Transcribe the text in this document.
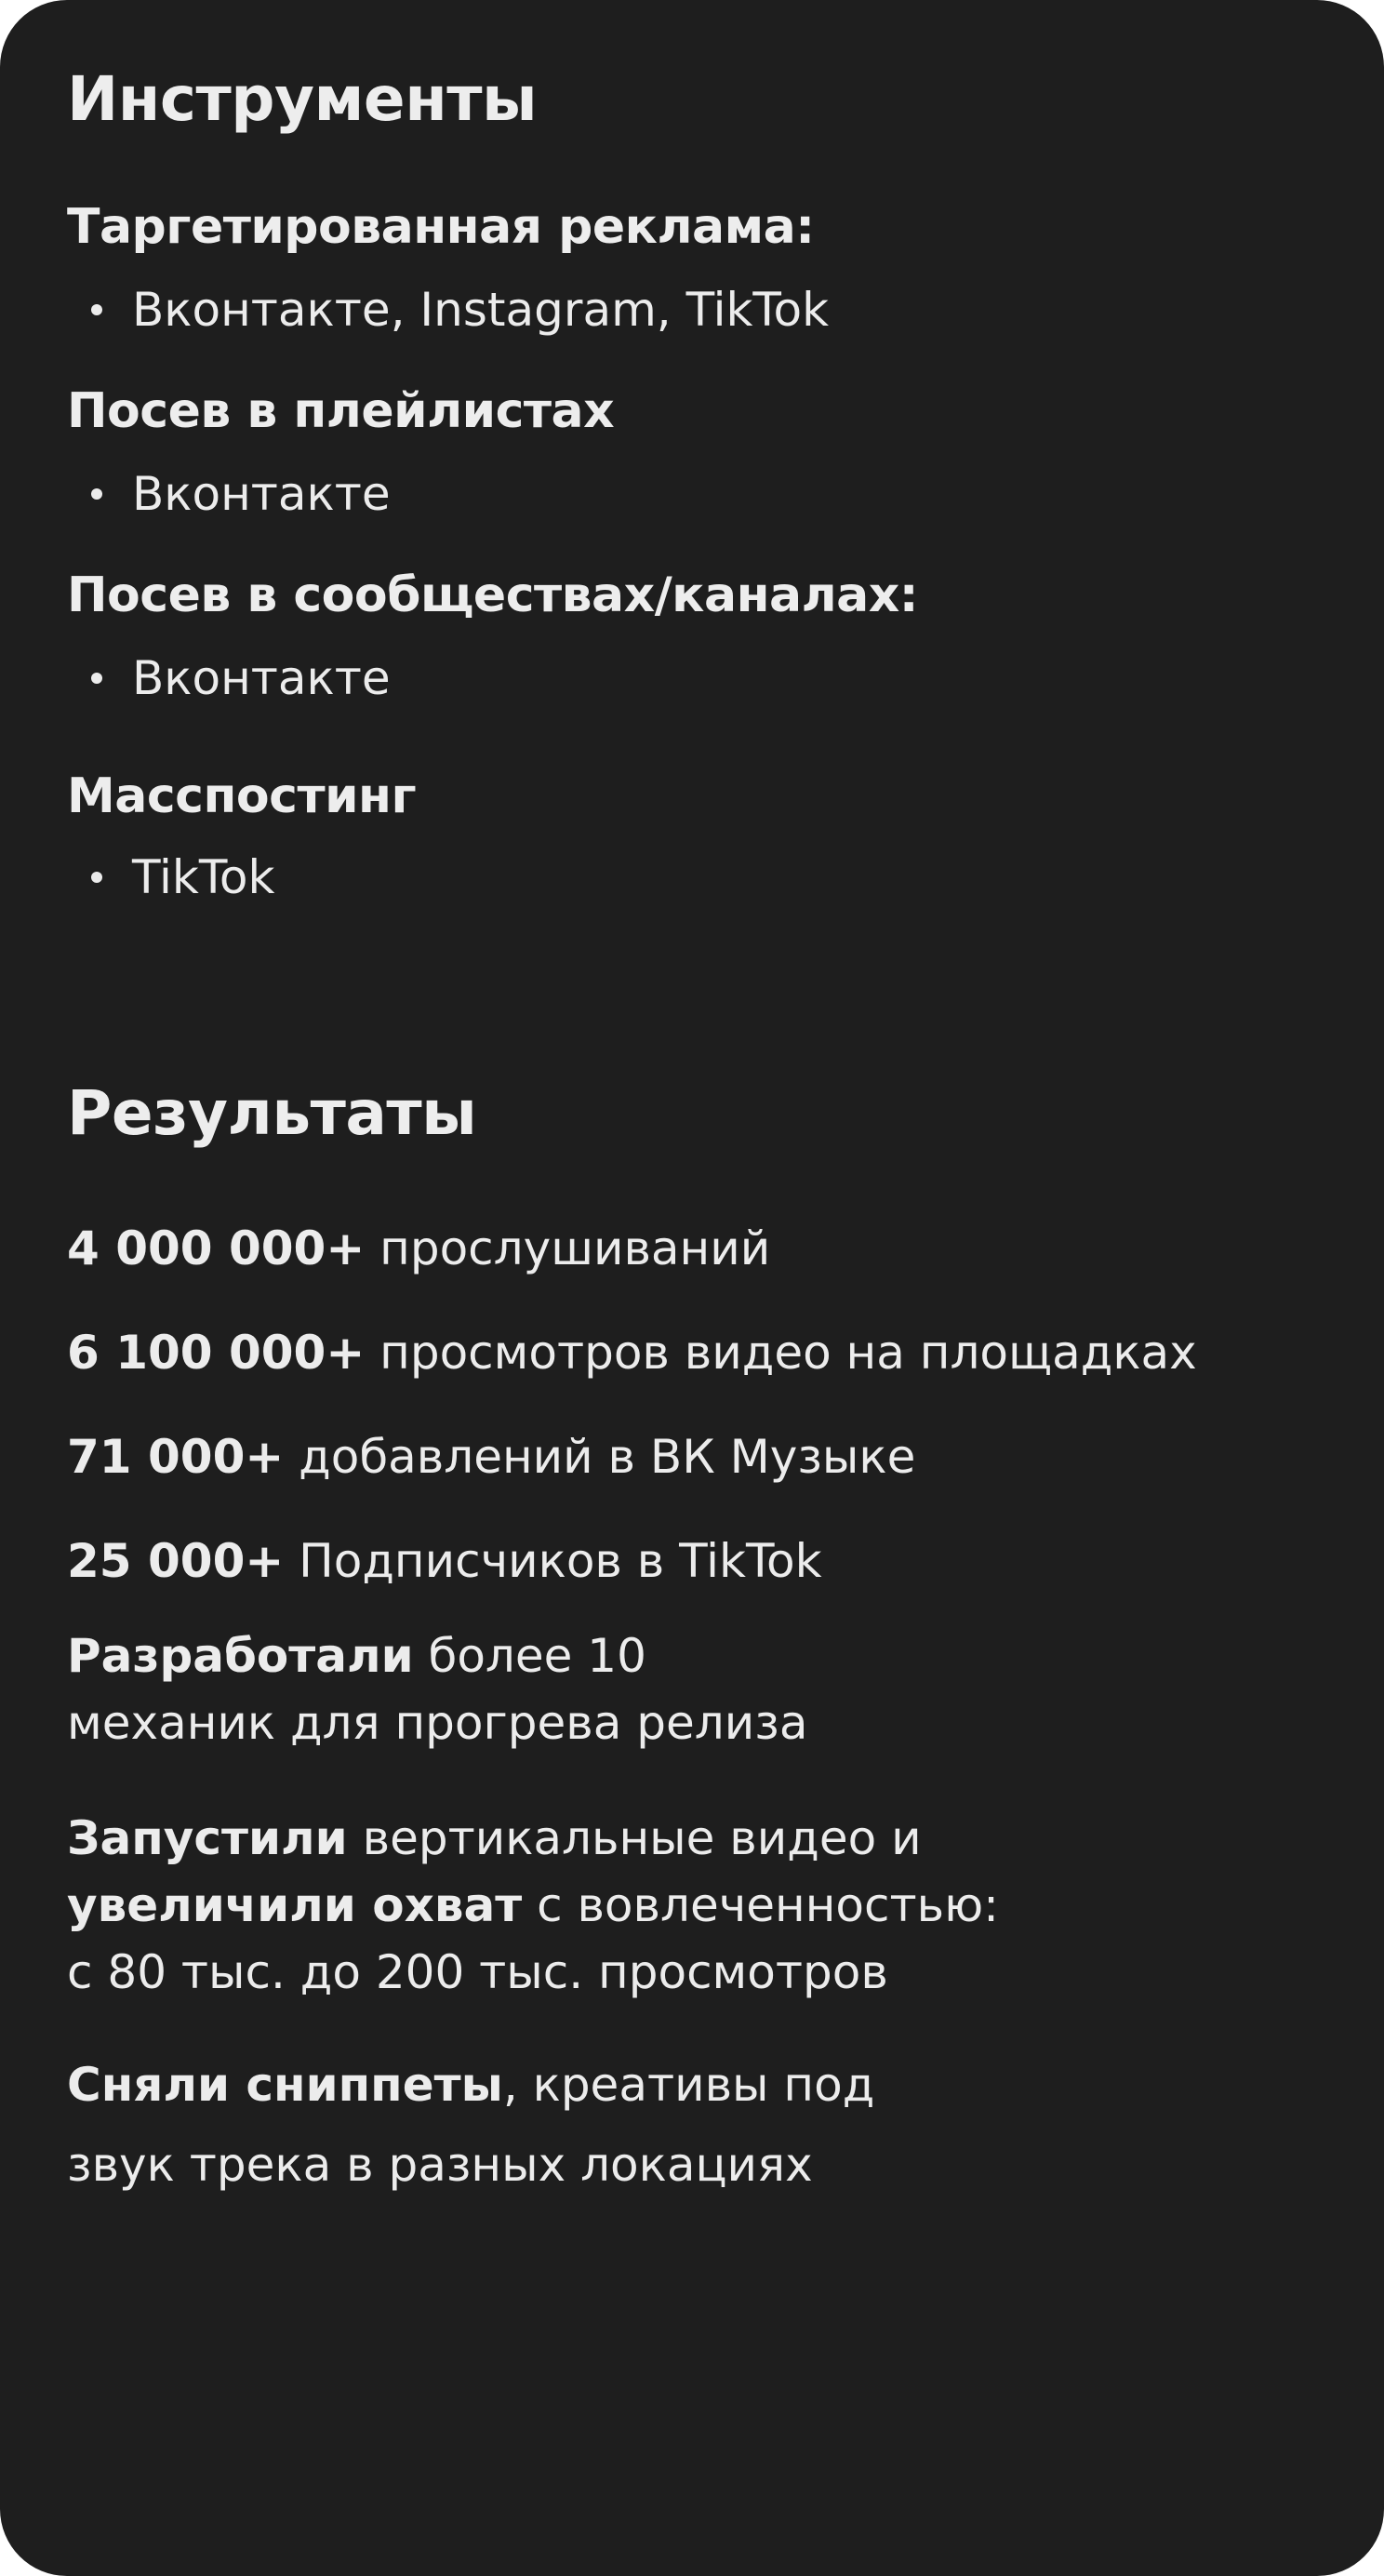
Инструменты
Таргетированная реклама:
Вконтакте, Instagram, TikTok
Посев в плейлистах
Вконтакте
Посев в сообществах/каналах:
Вконтакте
Масспостинг
TikTok
Результаты
4 000 000+ прослушиваний
6 100 000+ просмотров видео на площадках
71 000+ добавлений в ВК Музыке
25 000+ Подписчиков в TikTok
Разработали более 10
механик для прогрева релиза
Запустили вертикальные видео и
увеличили охват с вовлеченностью:
с 80 тыс. до 200 тыс. просмотров
Сняли сниппеты, креативы под
звук трека в разных локациях
